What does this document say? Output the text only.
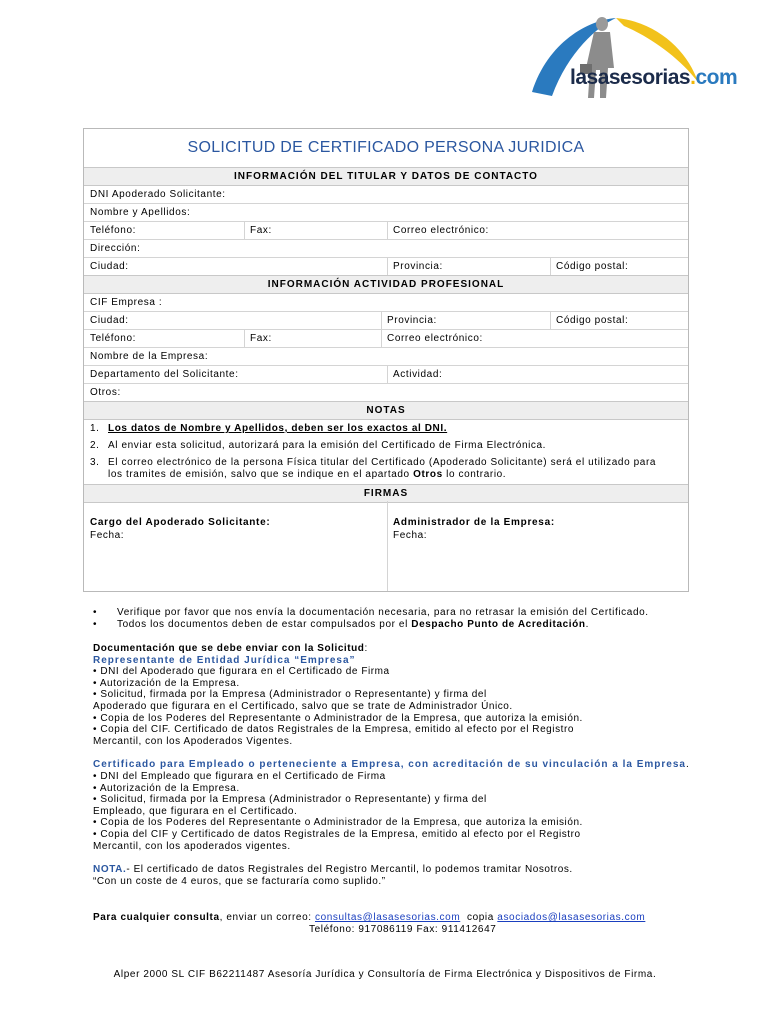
lasasesorias.com
SOLICITUD DE CERTIFICADO PERSONA JURIDICA
INFORMACIÓN DEL TITULAR Y DATOS DE CONTACTO
DNI Apoderado Solicitante:
Nombre y Apellidos:
Teléfono:	Fax:	Correo electrónico:
Dirección:
Ciudad:	Provincia:	Código postal:
INFORMACIÓN ACTIVIDAD PROFESIONAL
CIF Empresa :
Ciudad:	Provincia:	Código postal:
Teléfono:	Fax:	Correo electrónico:
Nombre de la Empresa:
Departamento del Solicitante:	Actividad:
Otros:
NOTAS
1. Los datos de Nombre y Apellidos, deben ser los exactos al DNI.
2. Al enviar esta solicitud, autorizará para la emisión del Certificado de Firma Electrónica.
3. El correo electrónico de la persona Física titular del Certificado (Apoderado Solicitante) será el utilizado para
los tramites de emisión, salvo que se indique en el apartado Otros lo contrario.
FIRMAS
Cargo del Apoderado Solicitante:
Fecha:
Administrador de la Empresa:
Fecha:
• Verifique por favor que nos envía la documentación necesaria, para no retrasar la emisión del Certificado.
• Todos los documentos deben de estar compulsados por el Despacho Punto de Acreditación.
Documentación que se debe enviar con la Solicitud:
Representante de Entidad Jurídica “Empresa”
• DNI del Apoderado que figurara en el Certificado de Firma
• Autorización de la Empresa.
• Solicitud, firmada por la Empresa (Administrador o Representante) y firma del
Apoderado que figurara en el Certificado, salvo que se trate de Administrador Único.
• Copia de los Poderes del Representante o Administrador de la Empresa, que autoriza la emisión.
• Copia del CIF. Certificado de datos Registrales de la Empresa, emitido al efecto por el Registro
Mercantil, con los Apoderados Vigentes.
Certificado para Empleado o perteneciente a Empresa, con acreditación de su vinculación a la Empresa.
• DNI del Empleado que figurara en el Certificado de Firma
• Autorización de la Empresa.
• Solicitud, firmada por la Empresa (Administrador o Representante) y firma del
Empleado, que figurara en el Certificado.
• Copia de los Poderes del Representante o Administrador de la Empresa, que autoriza la emisión.
• Copia del CIF y Certificado de datos Registrales de la Empresa, emitido al efecto por el Registro
Mercantil, con los apoderados vigentes.
NOTA.- El certificado de datos Registrales del Registro Mercantil, lo podemos tramitar Nosotros.
“Con un coste de 4 euros, que se facturaría como suplido.”
Para cualquier consulta, enviar un correo: consultas@lasasesorias.com  copia asociados@lasasesorias.com
Teléfono: 917086119 Fax: 911412647
Alper 2000 SL CIF B62211487 Asesoría Jurídica y Consultoría de Firma Electrónica y Dispositivos de Firma.
